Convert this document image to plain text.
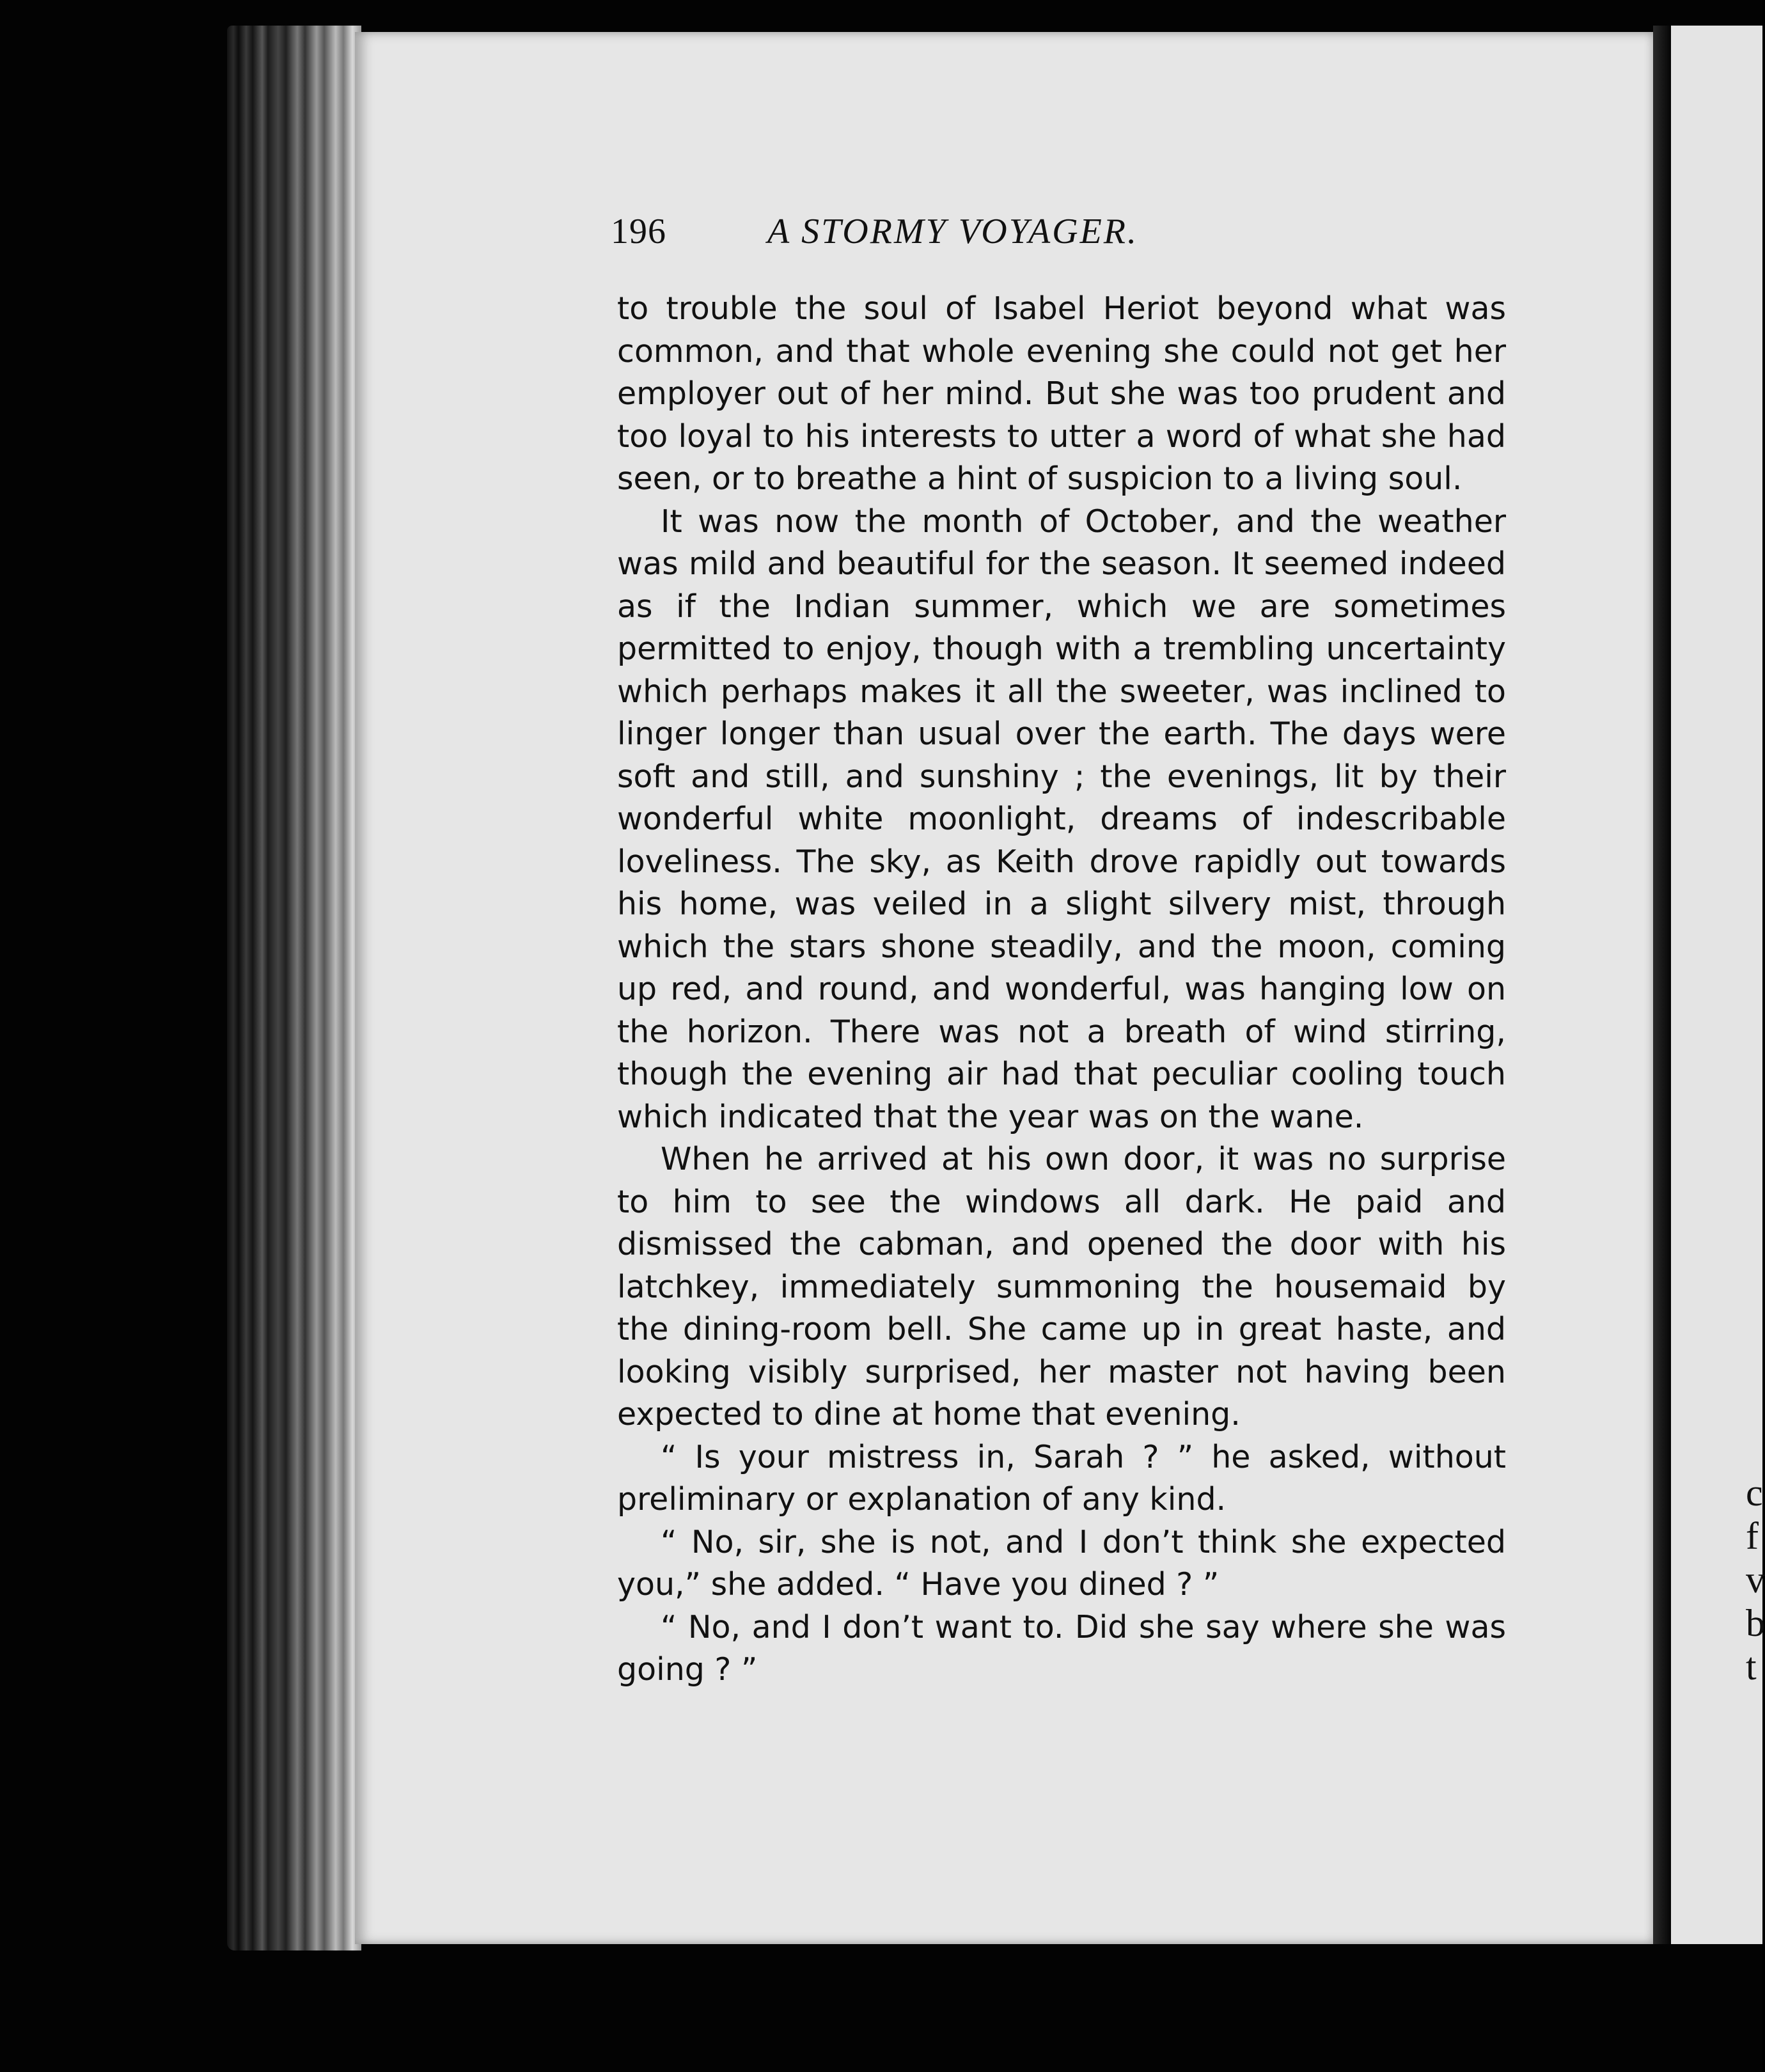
c
f
v
b
t
196	A STORMY VOYAGER.

to trouble the soul of Isabel Heriot beyond what was common, and that whole evening she could not get her employer out of her mind. But she was too prudent and too loyal to his interests to utter a word of what she had seen, or to breathe a hint of suspicion to a living soul.

It was now the month of October, and the weather was mild and beautiful for the season. It seemed indeed as if the Indian summer, which we are sometimes permitted to enjoy, though with a trembling uncertainty which perhaps makes it all the sweeter, was inclined to linger longer than usual over the earth. The days were soft and still, and sunshiny ; the evenings, lit by their wonderful white moonlight, dreams of indescribable loveliness. The sky, as Keith drove rapidly out towards his home, was veiled in a slight silvery mist, through which the stars shone steadily, and the moon, coming up red, and round, and wonderful, was hanging low on the horizon. There was not a breath of wind stirring, though the evening air had that peculiar cooling touch which indicated that the year was on the wane.

When he arrived at his own door, it was no surprise to him to see the windows all dark. He paid and dismissed the cabman, and opened the door with his latchkey, immediately summoning the housemaid by the dining-room bell. She came up in great haste, and looking visibly surprised, her master not having been expected to dine at home that evening.

“ Is your mistress in, Sarah ? ” he asked, without preliminary or explanation of any kind.

“ No, sir, she is not, and I don’t think she expected you,” she added. “ Have you dined ? ”

“ No, and I don’t want to. Did she say where she was going ? ”
